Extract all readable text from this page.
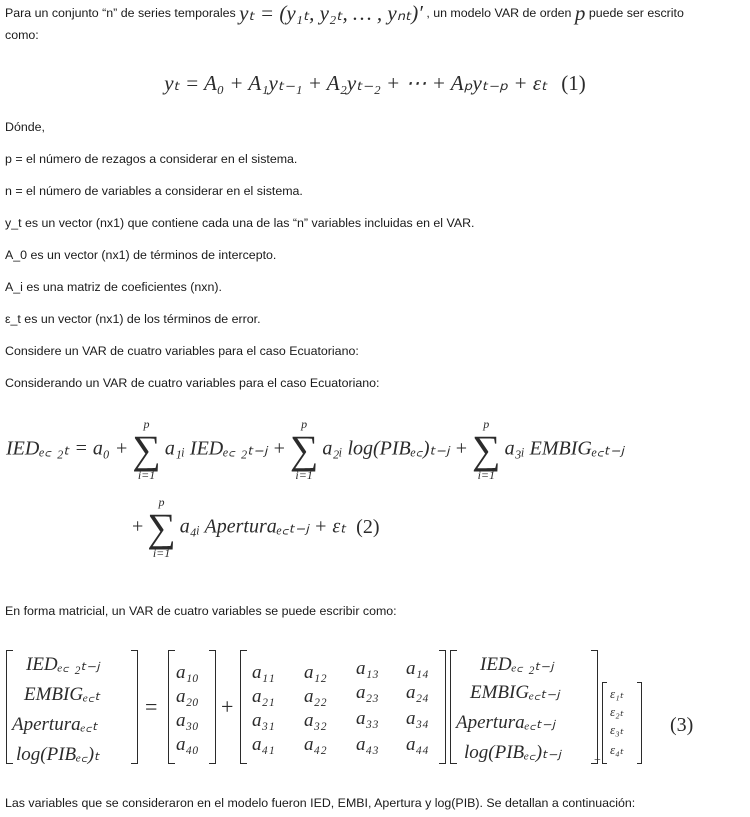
Para un conjunto “n” de series temporales yₜ = (y₁ₜ, y₂ₜ, … , yₙₜ)′ , un modelo VAR de orden p puede ser escrito
como:
yₜ = A₀ + A₁yₜ₋₁ + A₂yₜ₋₂ + ⋯ + Aₚyₜ₋ₚ + εₜ (1)
Dónde,
p = el número de rezagos a considerar en el sistema.
n = el número de variables a considerar en el sistema.
y_t es un vector (nx1) que contiene cada una de las “n” variables incluidas en el VAR.
A_0 es un vector (nx1) de términos de intercepto.
A_i es una matriz de coeficientes (nxn).
ε_t es un vector (nx1) de los términos de error.
Considere un VAR de cuatro variables para el caso Ecuatoriano:
Considerando un VAR de cuatro variables para el caso Ecuatoriano:
IEDₑ꜀ ₂ₜ = a₀ +
p
∑
i=1
a₁ᵢ IEDₑ꜀ ₂ₜ₋ⱼ +
p
∑
i=1
a₂ᵢ log(PIBₑ꜀)ₜ₋ⱼ +
p
∑
i=1
a₃ᵢ EMBIGₑ꜀ₜ₋ⱼ
+
p
∑
i=1
a₄ᵢ Aperturaₑ꜀ₜ₋ⱼ + εₜ (2)
En forma matricial, un VAR de cuatro variables se puede escribir como:
IEDₑ꜀ ₂ₜ₋ⱼ
EMBIGₑ꜀ₜ
Aperturaₑ꜀ₜ
log(PIBₑ꜀)ₜ
=
a₁₀
a₂₀
a₃₀
a₄₀
+
a₁₁ a₁₂ a₁₃ a₁₄
a₂₁ a₂₂ a₂₃ a₂₄
a₃₁ a₃₂ a₃₃ a₃₄
a₄₁ a₄₂ a₄₃ a₄₄
IEDₑ꜀ ₂ₜ₋ⱼ
EMBIGₑ꜀ₜ₋ⱼ
Aperturaₑ꜀ₜ₋ⱼ
log(PIBₑ꜀)ₜ₋ⱼ	+
ε₁ₜ
ε₂ₜ
ε₃ₜ
ε₄ₜ
(3)
Las variables que se consideraron en el modelo fueron IED, EMBI, Apertura y log(PIB). Se detallan a continuación:
